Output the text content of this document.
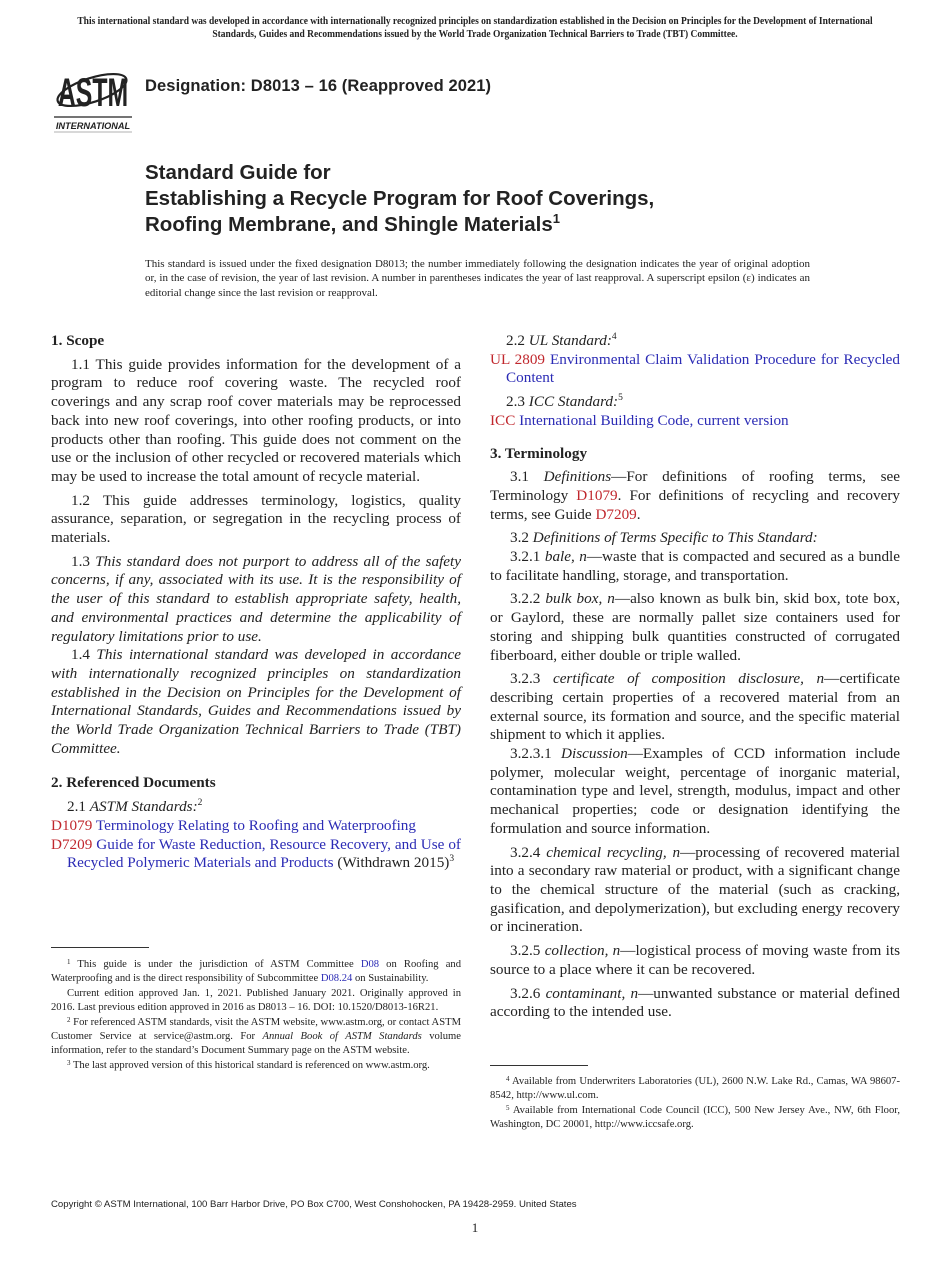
This international standard was developed in accordance with internationally recognized principles on standardization established in the Decision on Principles for the Development of International Standards, Guides and Recommendations issued by the World Trade Organization Technical Barriers to Trade (TBT) Committee.
ASTM
INTERNATIONAL
Designation: D8013 – 16 (Reapproved 2021)
Standard Guide for
Establishing a Recycle Program for Roof Coverings,
Roofing Membrane, and Shingle Materials$^1$
This standard is issued under the fixed designation D8013; the number immediately following the designation indicates the year of original adoption or, in the case of revision, the year of last revision. A number in parentheses indicates the year of last reapproval. A superscript epsilon (ε) indicates an editorial change since the last revision or reapproval.
1. Scope
1.1 This guide provides information for the development of a program to reduce roof covering waste. The recycled roof coverings and any scrap roof cover materials may be reprocessed back into new roof coverings, into other roofing products, or into products other than roofing. This guide does not comment on the use or the inclusion of other recycled or recovered materials which may be used to increase the total amount of recycle material.
1.2 This guide addresses terminology, logistics, quality assurance, separation, or segregation in the recycling process of materials.
1.3 This standard does not purport to address all of the safety concerns, if any, associated with its use. It is the responsibility of the user of this standard to establish appropriate safety, health, and environmental practices and determine the applicability of regulatory limitations prior to use.
1.4 This international standard was developed in accordance with internationally recognized principles on standardization established in the Decision on Principles for the Development of International Standards, Guides and Recommendations issued by the World Trade Organization Technical Barriers to Trade (TBT) Committee.
2. Referenced Documents
2.1 ASTM Standards:$^2$
D1079 Terminology Relating to Roofing and Waterproofing
D7209 Guide for Waste Reduction, Resource Recovery, and Use of Recycled Polymeric Materials and Products (Withdrawn 2015)$^3$
2.2 UL Standard:$^4$
UL 2809 Environmental Claim Validation Procedure for Recycled Content
2.3 ICC Standard:$^5$
ICC International Building Code, current version
3. Terminology
3.1 Definitions—For definitions of roofing terms, see Terminology D1079. For definitions of recycling and recovery terms, see Guide D7209.
3.2 Definitions of Terms Specific to This Standard:
3.2.1 bale, n—waste that is compacted and secured as a bundle to facilitate handling, storage, and transportation.
3.2.2 bulk box, n—also known as bulk bin, skid box, tote box, or Gaylord, these are normally pallet size containers used for storing and shipping bulk quantities constructed of corrugated fiberboard, either double or triple walled.
3.2.3 certificate of composition disclosure, n—certificate describing certain properties of a recovered material from an external source, its formation and source, and the specific material shipment to which it applies.
3.2.3.1 Discussion—Examples of CCD information include polymer, molecular weight, percentage of inorganic material, contamination type and level, strength, modulus, impact and other mechanical properties; code or designation identifying the formulation and source information.
3.2.4 chemical recycling, n—processing of recovered material into a secondary raw material or product, with a significant change to the chemical structure of the material (such as cracking, gasification, and depolymerization), but excluding energy recovery or incineration.
3.2.5 collection, n—logistical process of moving waste from its source to a place where it can be recovered.
3.2.6 contaminant, n—unwanted substance or material defined according to the intended use.
$^1$ This guide is under the jurisdiction of ASTM Committee D08 on Roofing and Waterproofing and is the direct responsibility of Subcommittee D08.24 on Sustainability.
Current edition approved Jan. 1, 2021. Published January 2021. Originally approved in 2016. Last previous edition approved in 2016 as D8013 – 16. DOI: 10.1520/D8013-16R21.
$^2$ For referenced ASTM standards, visit the ASTM website, www.astm.org, or contact ASTM Customer Service at service@astm.org. For Annual Book of ASTM Standards volume information, refer to the standard’s Document Summary page on the ASTM website.
$^3$ The last approved version of this historical standard is referenced on www.astm.org.
$^4$ Available from Underwriters Laboratories (UL), 2600 N.W. Lake Rd., Camas, WA 98607-8542, http://www.ul.com.
$^5$ Available from International Code Council (ICC), 500 New Jersey Ave., NW, 6th Floor, Washington, DC 20001, http://www.iccsafe.org.
Copyright © ASTM International, 100 Barr Harbor Drive, PO Box C700, West Conshohocken, PA 19428-2959. United States
1
